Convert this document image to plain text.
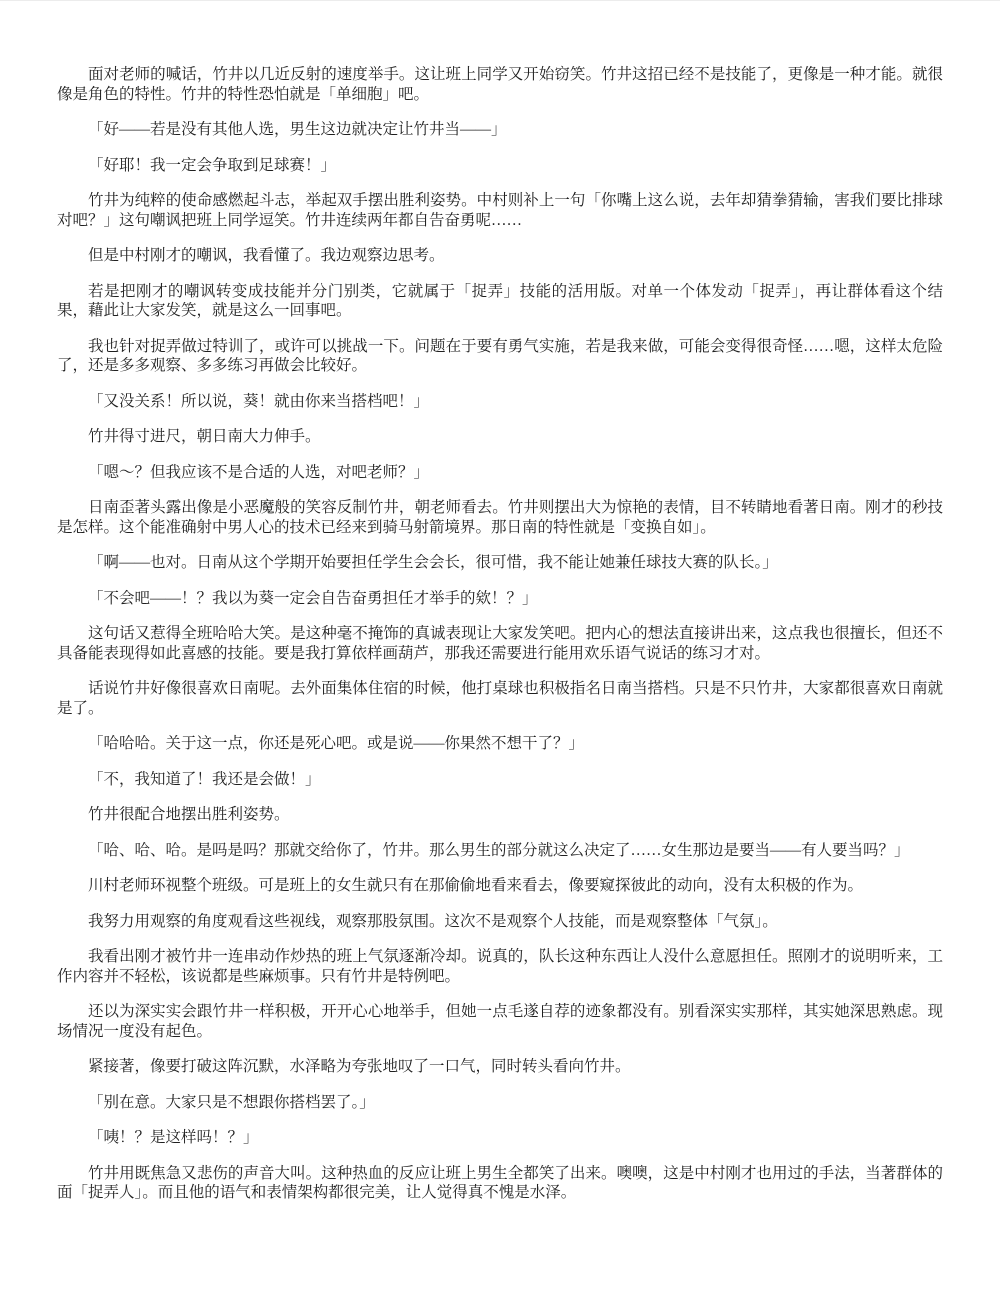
面对老师的喊话，竹井以几近反射的速度举手。这让班上同学又开始窃笑。竹井这招已经不是技能了，更像是一种才能。就很像是角色的特性。竹井的特性恐怕就是「单细胞」吧。

「好——若是没有其他人选，男生这边就决定让竹井当——」

「好耶！我一定会争取到足球赛！」

竹井为纯粹的使命感燃起斗志，举起双手摆出胜利姿势。中村则补上一句「你嘴上这么说，去年却猜拳猜输，害我们要比排球对吧？」这句嘲讽把班上同学逗笑。竹井连续两年都自告奋勇呢……

但是中村刚才的嘲讽，我看懂了。我边观察边思考。

若是把刚才的嘲讽转变成技能并分门别类，它就属于「捉弄」技能的活用版。对单一个体发动「捉弄」，再让群体看这个结果，藉此让大家发笑，就是这么一回事吧。

我也针对捉弄做过特训了，或许可以挑战一下。问题在于要有勇气实施，若是我来做，可能会变得很奇怪……嗯，这样太危险了，还是多多观察、多多练习再做会比较好。

「又没关系！所以说，葵！就由你来当搭档吧！」

竹井得寸进尺，朝日南大力伸手。

「嗯～？但我应该不是合适的人选，对吧老师？」

日南歪著头露出像是小恶魔般的笑容反制竹井，朝老师看去。竹井则摆出大为惊艳的表情，目不转睛地看著日南。刚才的秒技是怎样。这个能准确射中男人心的技术已经来到骑马射箭境界。那日南的特性就是「变换自如」。

「啊——也对。日南从这个学期开始要担任学生会会长，很可惜，我不能让她兼任球技大赛的队长。」

「不会吧——！？我以为葵一定会自告奋勇担任才举手的欸！？」

这句话又惹得全班哈哈大笑。是这种毫不掩饰的真诚表现让大家发笑吧。把内心的想法直接讲出来，这点我也很擅长，但还不具备能表现得如此喜感的技能。要是我打算依样画葫芦，那我还需要进行能用欢乐语气说话的练习才对。

话说竹井好像很喜欢日南呢。去外面集体住宿的时候，他打桌球也积极指名日南当搭档。只是不只竹井，大家都很喜欢日南就是了。

「哈哈哈。关于这一点，你还是死心吧。或是说——你果然不想干了？」

「不，我知道了！我还是会做！」

竹井很配合地摆出胜利姿势。

「哈、哈、哈。是吗是吗？那就交给你了，竹井。那么男生的部分就这么决定了……女生那边是要当——有人要当吗？」

川村老师环视整个班级。可是班上的女生就只有在那偷偷地看来看去，像要窥探彼此的动向，没有太积极的作为。

我努力用观察的角度观看这些视线，观察那股氛围。这次不是观察个人技能，而是观察整体「气氛」。

我看出刚才被竹井一连串动作炒热的班上气氛逐渐冷却。说真的，队长这种东西让人没什么意愿担任。照刚才的说明听来，工作内容并不轻松，该说都是些麻烦事。只有竹井是特例吧。

还以为深实实会跟竹井一样积极，开开心心地举手，但她一点毛遂自荐的迹象都没有。别看深实实那样，其实她深思熟虑。现场情况一度没有起色。

紧接著，像要打破这阵沉默，水泽略为夸张地叹了一口气，同时转头看向竹井。

「别在意。大家只是不想跟你搭档罢了。」

「咦！？是这样吗！？」

竹井用既焦急又悲伤的声音大叫。这种热血的反应让班上男生全都笑了出来。噢噢，这是中村刚才也用过的手法，当著群体的面「捉弄人」。而且他的语气和表情架构都很完美，让人觉得真不愧是水泽。
